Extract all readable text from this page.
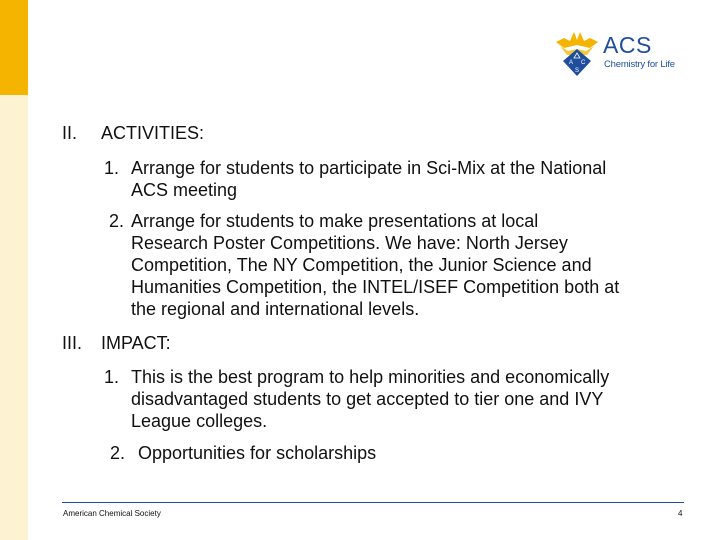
A C
S
ACS
Chemistry for Life
II. ACTIVITIES:
1. Arrange for students to participate in Sci-Mix at the National
ACS meeting
2. Arrange for students to make presentations at local
Research Poster Competitions. We have: North Jersey
Competition, The NY Competition, the Junior Science and
Humanities Competition, the INTEL/ISEF Competition both at
the regional and international levels.
III. IMPACT:
1. This is the best program to help minorities and economically
disadvantaged students to get accepted to tier one and IVY
League colleges.
2. Opportunities for scholarships
American Chemical Society	4
